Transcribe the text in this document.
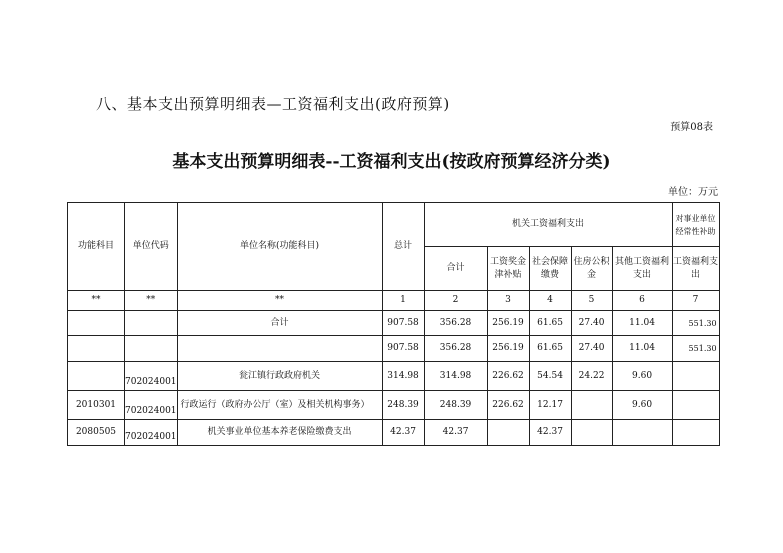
八、基本支出预算明细表—工资福利支出(政府预算)
预算08表
基本支出预算明细表--工资福利支出(按政府预算经济分类)
单位：万元
功能科目	单位代码	单位名称(功能科目)	总计	机关工资福利支出					对事业单位经常性补助
				合计	工资奖金津补贴	社会保障缴费	住房公积金	其他工资福利支出	工资福利支出
**	**	**	1	2	3	4	5	6	7
		合计	907.58	356.28	256.19	61.65	27.40	11.04	551.30
			907.58	356.28	256.19	61.65	27.40	11.04	551.30
	702024001	瓮江镇行政政府机关	314.98	314.98	226.62	54.54	24.22	9.60	
2010301	702024001	行政运行（政府办公厅（室）及相关机构事务）	248.39	248.39	226.62	12.17		9.60	
2080505	702024001	机关事业单位基本养老保险缴费支出	42.37	42.37		42.37			
